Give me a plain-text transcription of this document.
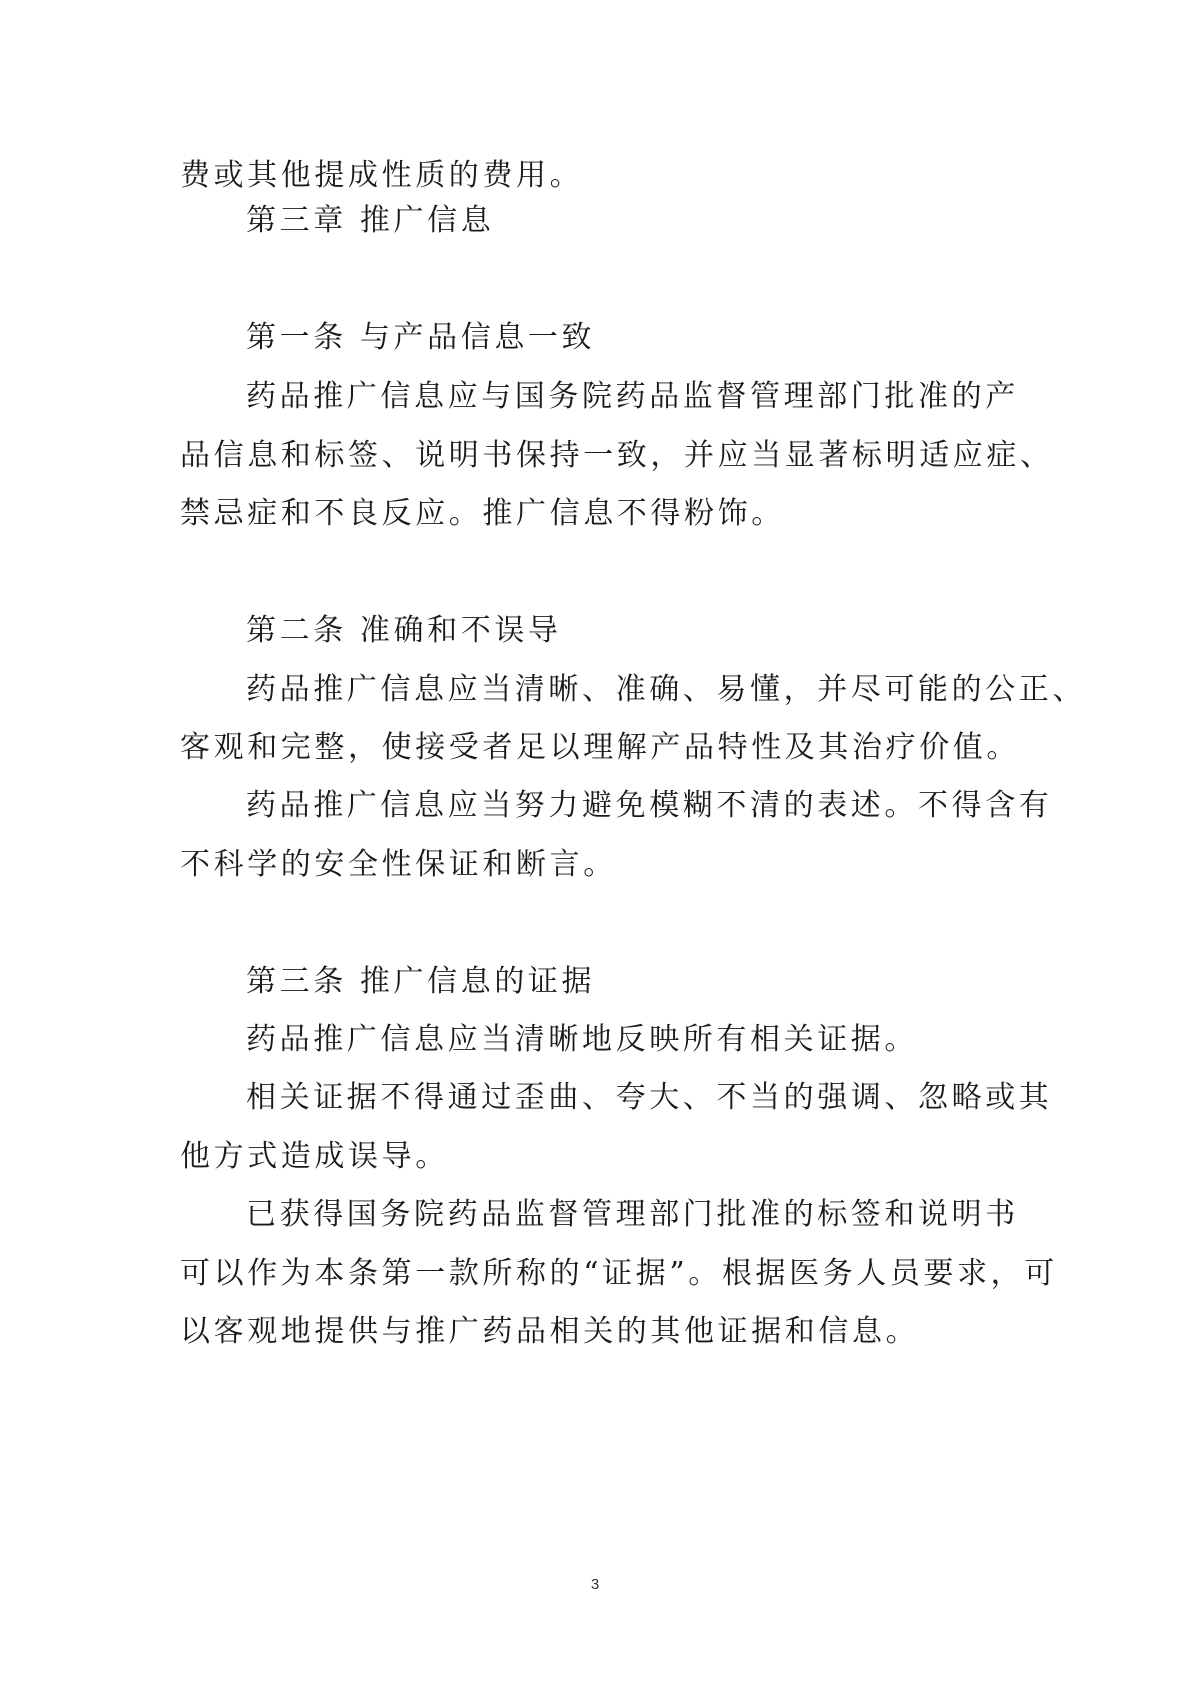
费或其他提成性质的费用。
第三章 推广信息
第一条 与产品信息一致
药品推广信息应与国务院药品监督管理部门批准的产
品信息和标签、说明书保持一致，并应当显著标明适应症、
禁忌症和不良反应。推广信息不得粉饰。
第二条 准确和不误导
药品推广信息应当清晰、准确、易懂，并尽可能的公正、
客观和完整，使接受者足以理解产品特性及其治疗价值。
药品推广信息应当努力避免模糊不清的表述。不得含有
不科学的安全性保证和断言。
第三条 推广信息的证据
药品推广信息应当清晰地反映所有相关证据。
相关证据不得通过歪曲、夸大、不当的强调、忽略或其
他方式造成误导。
已获得国务院药品监督管理部门批准的标签和说明书
可以作为本条第一款所称的“证据”。根据医务人员要求，可
以客观地提供与推广药品相关的其他证据和信息。
3
